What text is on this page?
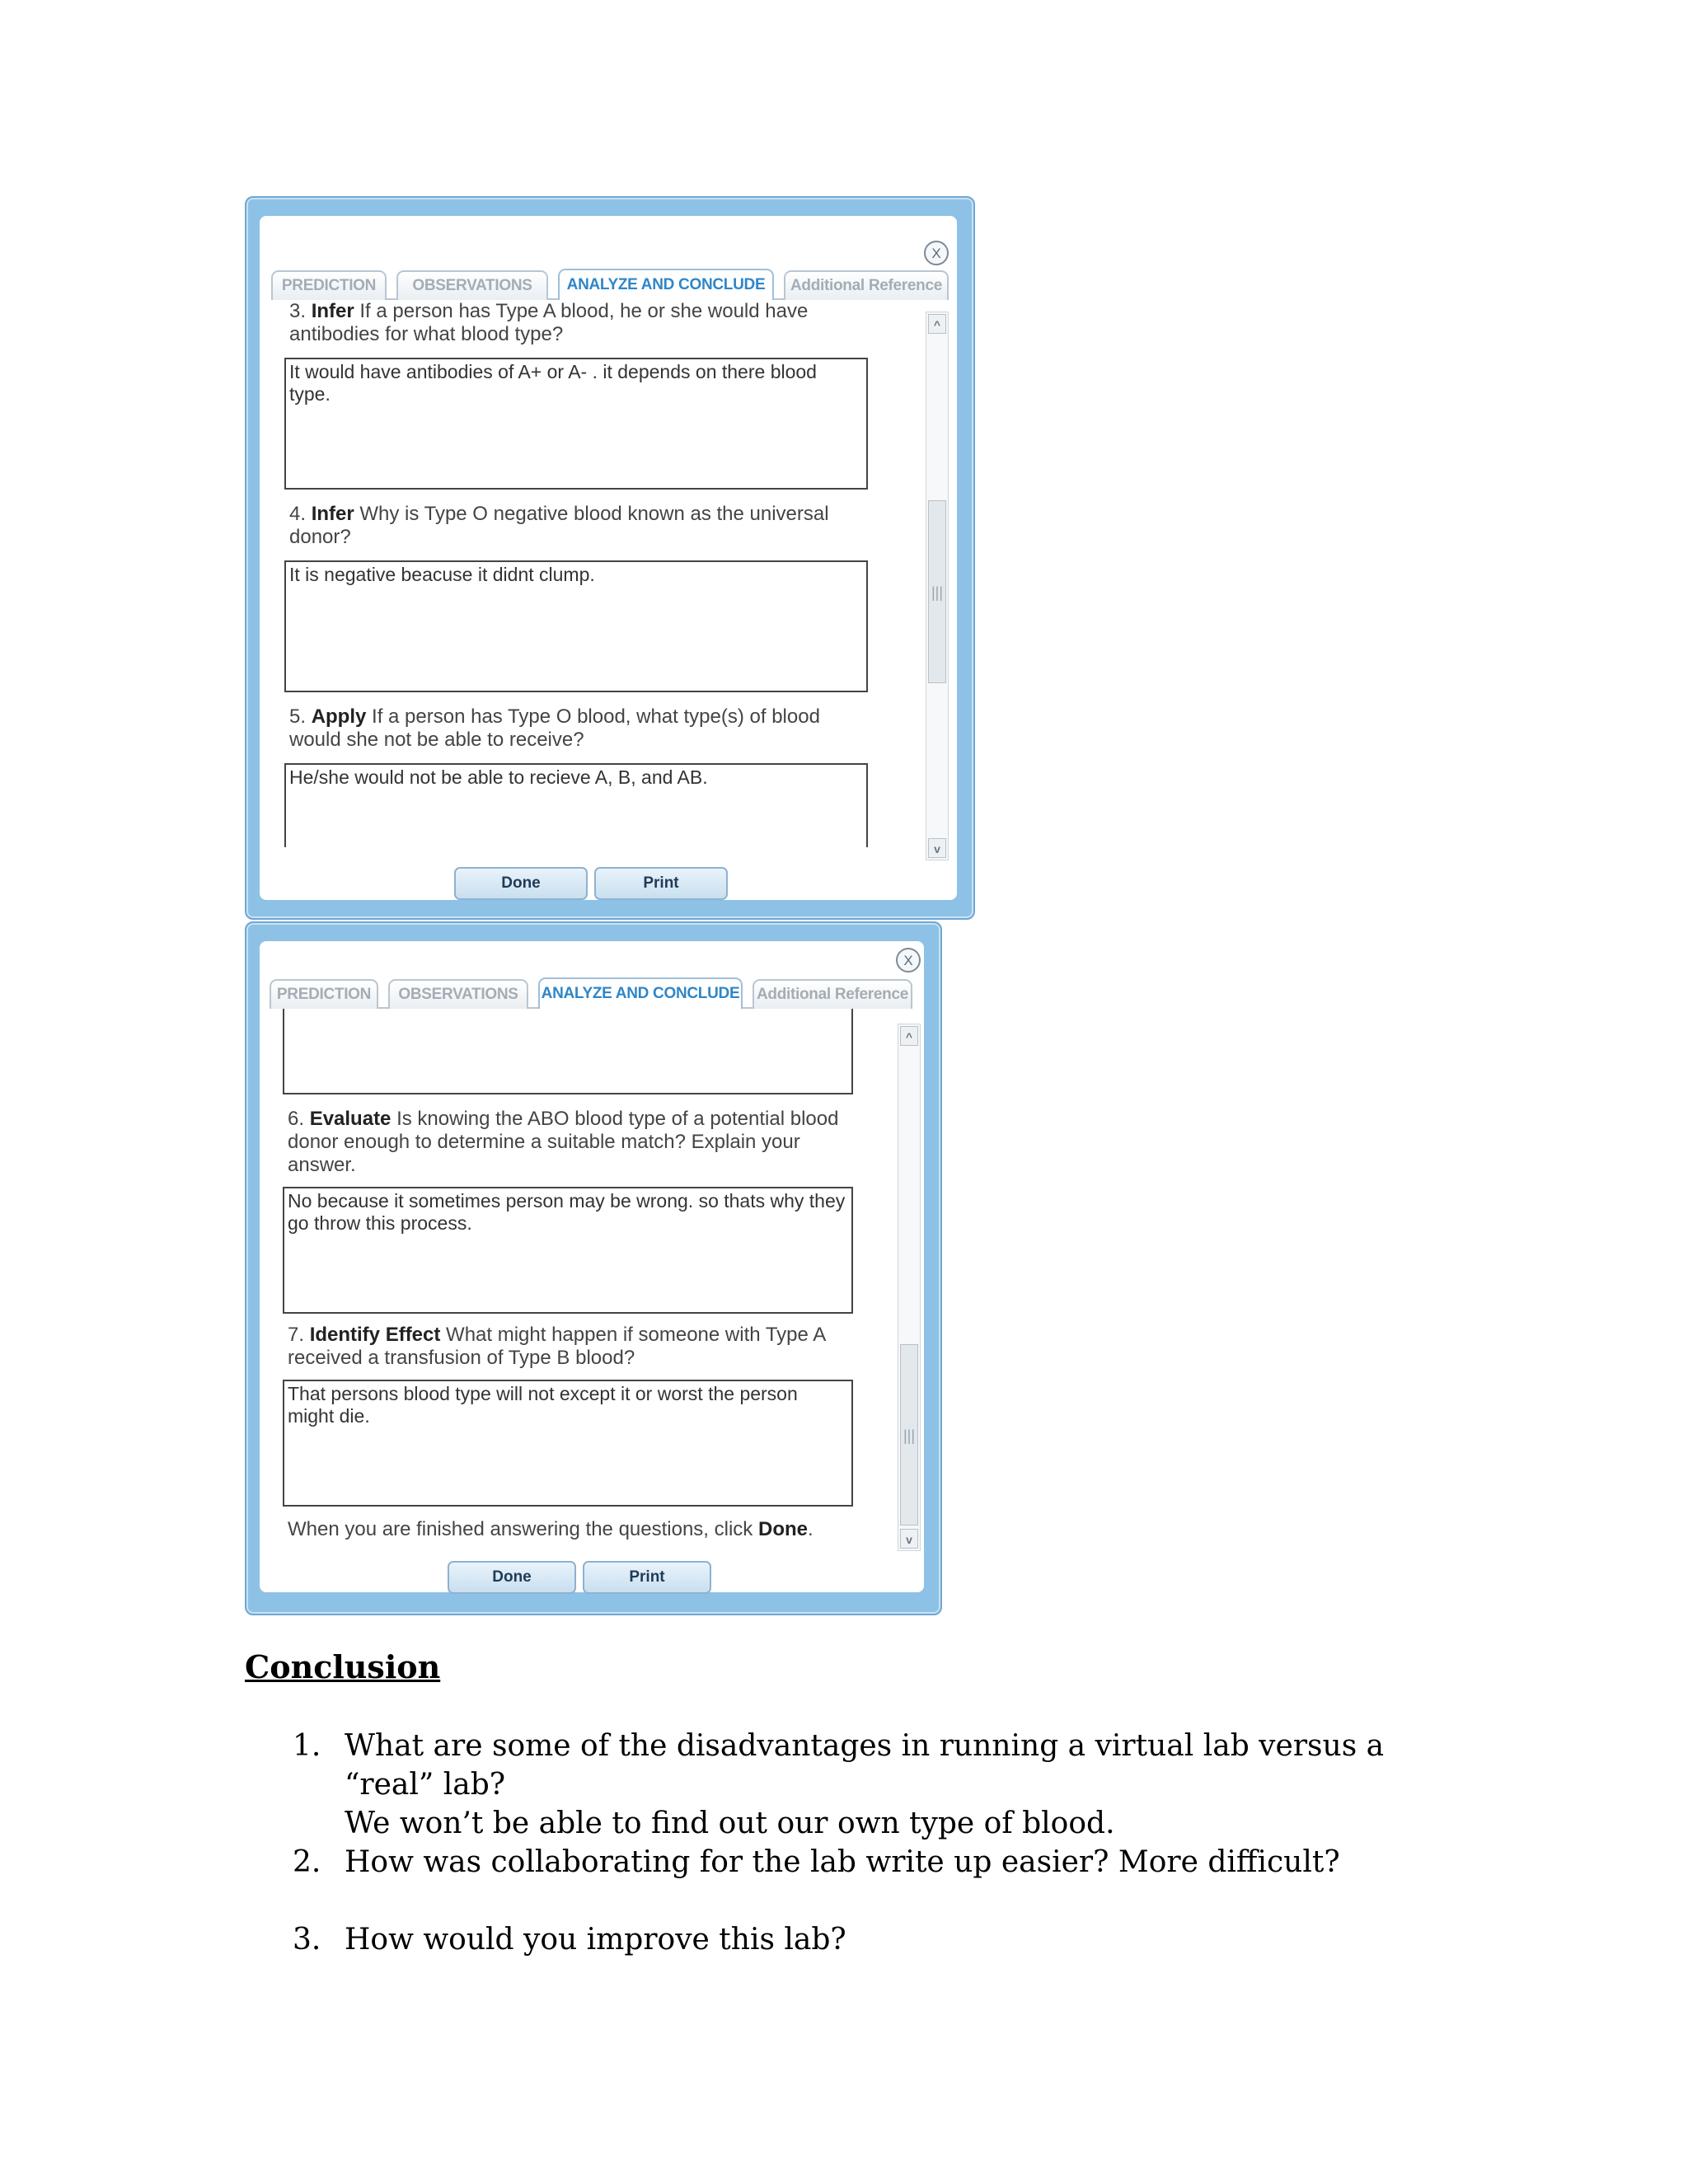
X
PREDICTION	OBSERVATIONS	ANALYZE AND CONCLUDE	Additional Reference
3. Infer If a person has Type A blood, he or she would have antibodies for what blood type?
It would have antibodies of A+ or A- . it depends on there blood type.
4. Infer Why is Type O negative blood known as the universal donor?
It is negative beacuse it didnt clump.
5. Apply If a person has Type O blood, what type(s) of blood would she not be able to receive?
He/she would not be able to recieve A, B, and AB.
^
|||
v
Done	Print
X
PREDICTION	OBSERVATIONS	ANALYZE AND CONCLUDE Additional Reference
6. Evaluate Is knowing the ABO blood type of a potential blood donor enough to determine a suitable match? Explain your answer.
No because it sometimes person may be wrong. so thats why they go throw this process.
7. Identify Effect What might happen if someone with Type A received a transfusion of Type B blood?
That persons blood type will not except it or worst the person might die.
When you are finished answering the questions, click Done.
^
|||
v
Done	Print
Conclusion
1. What are some of the disadvantages in running a virtual lab versus a “real” lab?
We won’t be able to find out our own type of blood.
2. How was collaborating for the lab write up easier? More difficult?
3. How would you improve this lab?
